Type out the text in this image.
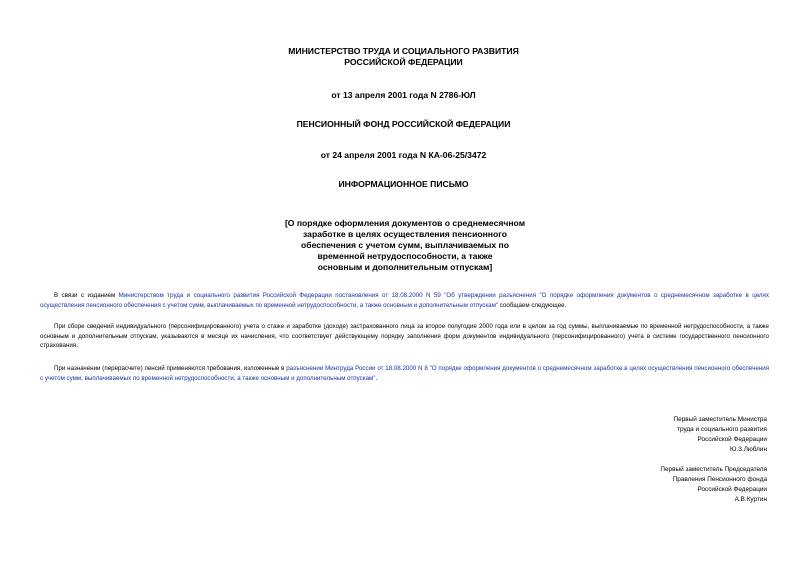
МИНИСТЕРСТВО ТРУДА И СОЦИАЛЬНОГО РАЗВИТИЯ
РОССИЙСКОЙ ФЕДЕРАЦИИ
от 13 апреля 2001 года N 2786-ЮЛ
ПЕНСИОННЫЙ ФОНД РОССИЙСКОЙ ФЕДЕРАЦИИ
от 24 апреля 2001 года N КА-06-25/3472
ИНФОРМАЦИОННОЕ ПИСЬМО
[О порядке оформления документов о среднемесячном
заработке в целях осуществления пенсионного
обеспечения с учетом сумм, выплачиваемых по
временной нетрудоспособности, а также
основным и дополнительным отпускам]
В связи с изданием Министерством труда и социального развития Российской Федерации постановления от 18.08.2000 N 59 "Об утверждении разъяснения "О порядке оформления документов о среднемесячном заработке в целях осуществления пенсионного обеспечения с учетом сумм, выплачиваемых по временной нетрудоспособности, а также основным и дополнительным отпускам" сообщаем следующее.
При сборе сведений индивидуального (персонифицированного) учета о стаже и заработке (доходе) застрахованного лица за второе полугодие 2000 года или в целом за год суммы, выплачиваемые по временной нетрудоспособности, а также основным и дополнительным отпускам, указываются в месяце их начисления, что соответствует действующему порядку заполнения форм документов индивидуального (персонифицированного) учета в системе государственного пенсионного страхования.
При назначении (перерасчете) пенсий применяются требования, изложенные в разъяснении Минтруда России от 18.08.2000 N 8 "О порядке оформления документов о среднемесячном заработке в целях осуществления пенсионного обеспечения с учетом сумм, выплачиваемых по временной нетрудоспособности, а также основным и дополнительным отпускам".
Первый заместитель Министра
труда и социального развития
Российской Федерации
Ю.З.Люблин
Первый заместитель Председателя
Правления Пенсионного фонда
Российской Федерации
А.В.Куртин
